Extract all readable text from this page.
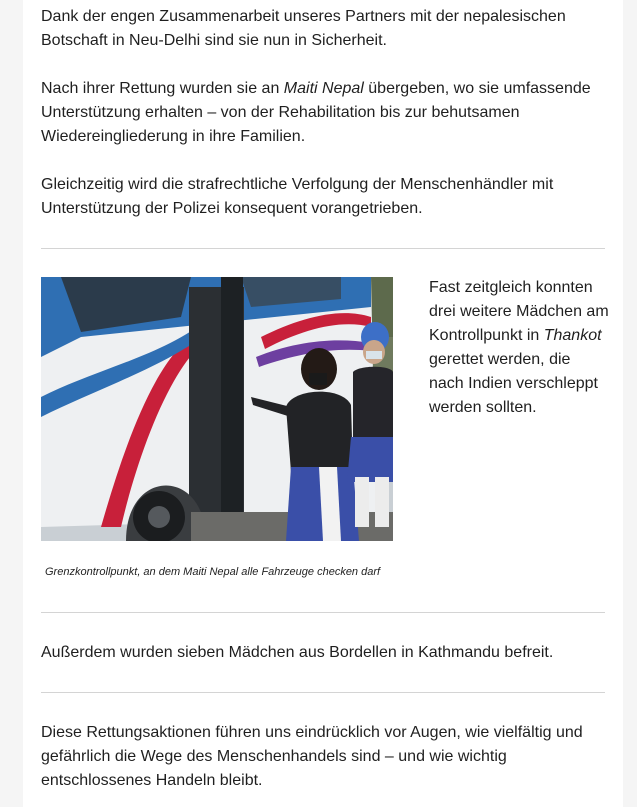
Dank der engen Zusammenarbeit unseres Partners mit der nepalesischen Botschaft in Neu-Delhi sind sie nun in Sicherheit.

Nach ihrer Rettung wurden sie an Maiti Nepal übergeben, wo sie umfassende Unterstützung erhalten – von der Rehabilitation bis zur behutsamen Wiedereingliederung in ihre Familien.

Gleichzeitig wird die strafrechtliche Verfolgung der Menschenhändler mit Unterstützung der Polizei konsequent vorangetrieben.

Fast zeitgleich konnten drei weitere Mädchen am Kontrollpunkt in Thankot gerettet werden, die nach Indien verschleppt werden sollten.

Grenzkontrollpunkt, an dem Maiti Nepal alle Fahrzeuge checken darf

Außerdem wurden sieben Mädchen aus Bordellen in Kathmandu befreit.

Diese Rettungsaktionen führen uns eindrücklich vor Augen, wie vielfältig und gefährlich die Wege des Menschenhandels sind – und wie wichtig entschlossenes Handeln bleibt.
